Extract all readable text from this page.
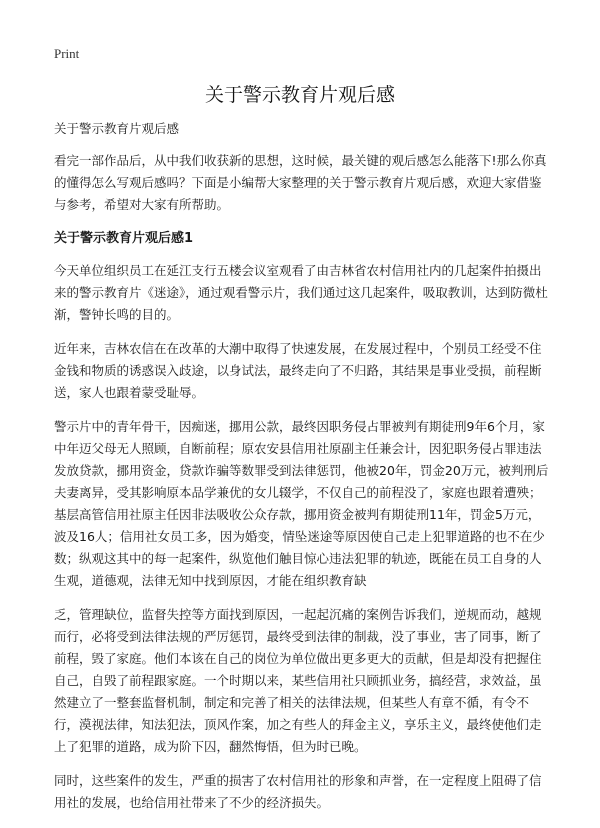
Print
关于警示教育片观后感

关于警示教育片观后感

看完一部作品后，从中我们收获新的思想，这时候，最关键的观后感怎么能落下!那么你真的懂得怎么写观后感吗？下面是小编帮大家整理的关于警示教育片观后感，欢迎大家借鉴与参考，希望对大家有所帮助。

关于警示教育片观后感1

今天单位组织员工在延江支行五楼会议室观看了由吉林省农村信用社内的几起案件拍摄出来的警示教育片《迷途》，通过观看警示片，我们通过这几起案件，吸取教训，达到防微杜渐，警钟长鸣的目的。

近年来，吉林农信在在改革的大潮中取得了快速发展，在发展过程中，个别员工经受不住金钱和物质的诱惑误入歧途，以身试法，最终走向了不归路，其结果是事业受损，前程断送，家人也跟着蒙受耻辱。

警示片中的青年骨干，因痴迷，挪用公款，最终因职务侵占罪被判有期徒刑9年6个月，家中年迈父母无人照顾，自断前程；原农安县信用社原副主任兼会计，因犯职务侵占罪违法发放贷款，挪用资金，贷款诈骗等数罪受到法律惩罚，他被20年，罚金20万元，被判刑后夫妻离异，受其影响原本品学兼优的女儿辍学，不仅自己的前程没了，家庭也跟着遭殃；基层高管信用社原主任因非法吸收公众存款，挪用资金被判有期徒刑11年，罚金5万元，波及16人；信用社女员工多，因为婚变，情坠迷途等原因使自己走上犯罪道路的也不在少数；纵观这其中的每一起案件，纵览他们触目惊心违法犯罪的轨迹，既能在员工自身的人生观，道德观，法律无知中找到原因，才能在组织教育缺

乏，管理缺位，监督失控等方面找到原因，一起起沉痛的案例告诉我们，逆规而动，越规而行，必将受到法律法规的严厉惩罚，最终受到法律的制裁，没了事业，害了同事，断了前程，毁了家庭。他们本该在自己的岗位为单位做出更多更大的贡献，但是却没有把握住自己，自毁了前程跟家庭。一个时期以来，某些信用社只顾抓业务，搞经营，求效益，虽然建立了一整套监督机制，制定和完善了相关的法律法规，但某些人有章不循，有令不行，漠视法律，知法犯法，顶风作案，加之有些人的拜金主义，享乐主义，最终使他们走上了犯罪的道路，成为阶下囚，翻然悔悟，但为时已晚。

同时，这些案件的发生，严重的损害了农村信用社的形象和声誉，在一定程度上阻碍了信用社的发展，也给信用社带来了不少的经济损失。
